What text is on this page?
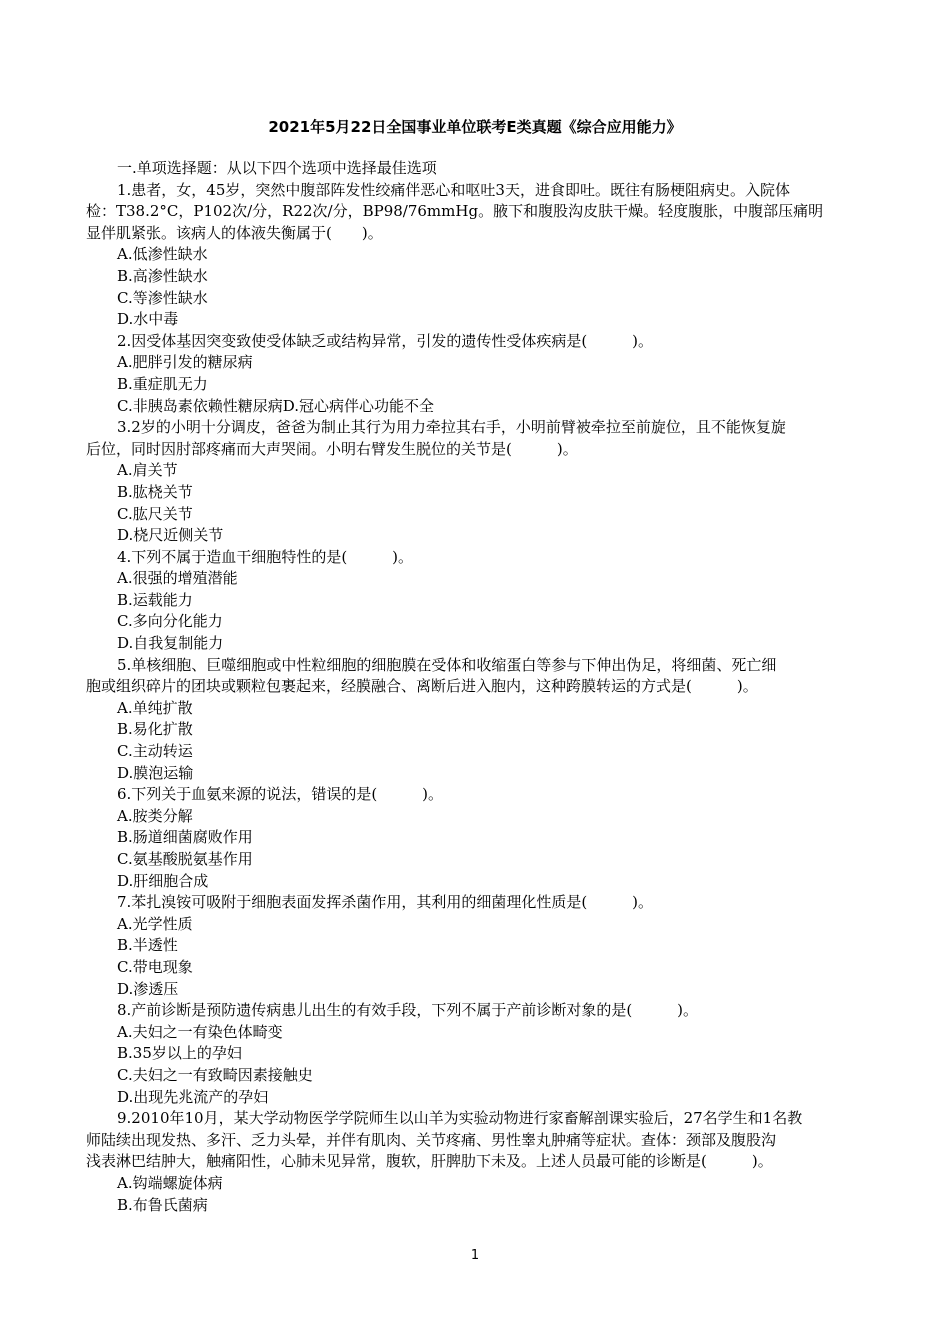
2021年5月22日全国事业单位联考E类真题《综合应用能力》
一.单项选择题：从以下四个选项中选择最佳选项
1.患者，女，45岁，突然中腹部阵发性绞痛伴恶心和呕吐3天，进食即吐。既往有肠梗阻病史。入院体
检：T38.2°C，P102次/分，R22次/分，BP98/76mmHg。腋下和腹股沟皮肤干燥。轻度腹胀，中腹部压痛明
显伴肌紧张。该病人的体液失衡属于(　　)。
A.低渗性缺水
B.高渗性缺水
C.等渗性缺水
D.水中毒
2.因受体基因突变致使受体缺乏或结构异常，引发的遗传性受体疾病是(　　　)。
A.肥胖引发的糖尿病
B.重症肌无力
C.非胰岛素依赖性糖尿病D.冠心病伴心功能不全
3.2岁的小明十分调皮，爸爸为制止其行为用力牵拉其右手，小明前臂被牵拉至前旋位，且不能恢复旋
后位，同时因肘部疼痛而大声哭闹。小明右臂发生脱位的关节是(　　　)。
A.肩关节
B.肱桡关节
C.肱尺关节
D.桡尺近侧关节
4.下列不属于造血干细胞特性的是(　　　)。
A.很强的增殖潜能
B.运载能力
C.多向分化能力
D.自我复制能力
5.单核细胞、巨噬细胞或中性粒细胞的细胞膜在受体和收缩蛋白等参与下伸出伪足，将细菌、死亡细
胞或组织碎片的团块或颗粒包裹起来，经膜融合、离断后进入胞内，这种跨膜转运的方式是(　　　)。
A.单纯扩散
B.易化扩散
C.主动转运
D.膜泡运输
6.下列关于血氨来源的说法，错误的是(　　　)。
A.胺类分解
B.肠道细菌腐败作用
C.氨基酸脱氨基作用
D.肝细胞合成
7.苯扎溴铵可吸附于细胞表面发挥杀菌作用，其利用的细菌理化性质是(　　　)。
A.光学性质
B.半透性
C.带电现象
D.渗透压
8.产前诊断是预防遗传病患儿出生的有效手段，下列不属于产前诊断对象的是(　　　)。
A.夫妇之一有染色体畸变
B.35岁以上的孕妇
C.夫妇之一有致畸因素接触史
D.出现先兆流产的孕妇
9.2010年10月，某大学动物医学学院师生以山羊为实验动物进行家畜解剖课实验后，27名学生和1名教
师陆续出现发热、多汗、乏力头晕，并伴有肌肉、关节疼痛、男性睾丸肿痛等症状。查体：颈部及腹股沟
浅表淋巴结肿大，触痛阳性，心肺未见异常，腹软，肝脾肋下未及。上述人员最可能的诊断是(　　　)。
A.钩端螺旋体病
B.布鲁氏菌病
1
